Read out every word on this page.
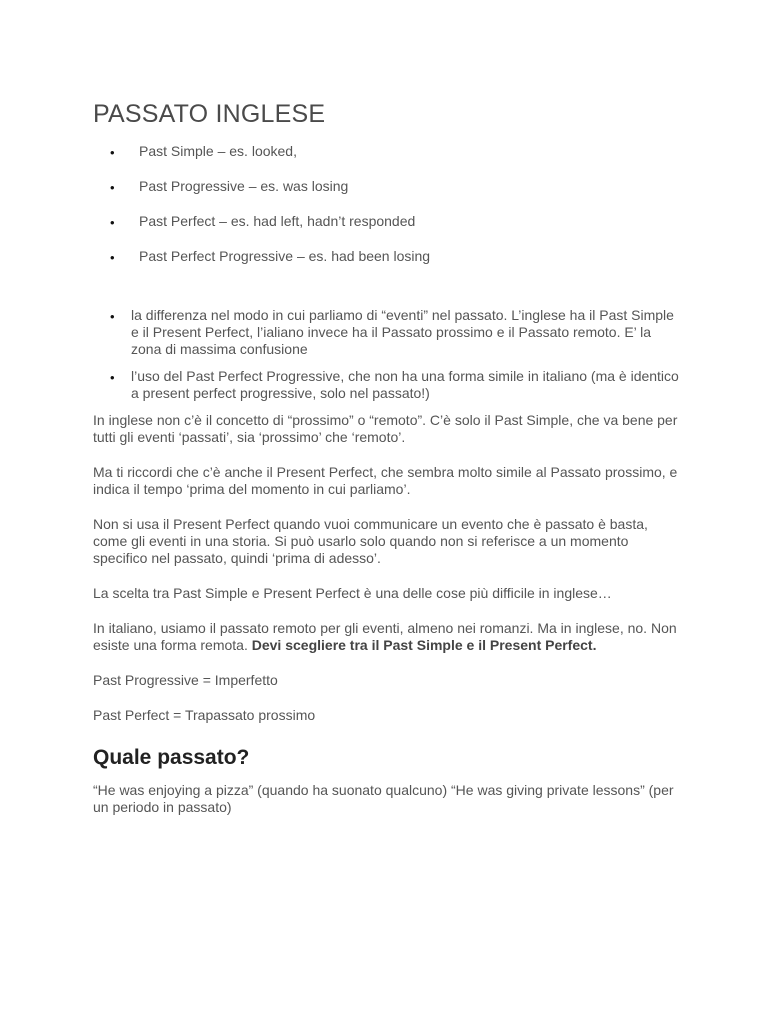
PASSATO INGLESE
• Past Simple – es. looked,
• Past Progressive – es. was losing
• Past Perfect – es. had left, hadn’t responded
• Past Perfect Progressive – es. had been losing
• la differenza nel modo in cui parliamo di “eventi” nel passato. L’inglese ha il Past Simple e il Present Perfect, l’ialiano invece ha il Passato prossimo e il Passato remoto. E’ la zona di massima confusione
• l’uso del Past Perfect Progressive, che non ha una forma simile in italiano (ma è identico a present perfect progressive, solo nel passato!)

In inglese non c’è il concetto di “prossimo” o “remoto”. C’è solo il Past Simple, che va bene per tutti gli eventi ‘passati’, sia ‘prossimo’ che ‘remoto’.

Ma ti riccordi che c’è anche il Present Perfect, che sembra molto simile al Passato prossimo, e indica il tempo ‘prima del momento in cui parliamo’.

Non si usa il Present Perfect quando vuoi communicare un evento che è passato è basta, come gli eventi in una storia. Si può usarlo solo quando non si referisce a un momento specifico nel passato, quindi ‘prima di adesso’.

La scelta tra Past Simple e Present Perfect è una delle cose più difficile in inglese…

In italiano, usiamo il passato remoto per gli eventi, almeno nei romanzi. Ma in inglese, no. Non esiste una forma remota. Devi scegliere tra il Past Simple e il Present Perfect.

Past Progressive = Imperfetto

Past Perfect = Trapassato prossimo

Quale passato?

“He was enjoying a pizza” (quando ha suonato qualcuno) “He was giving private lessons” (per un periodo in passato)
